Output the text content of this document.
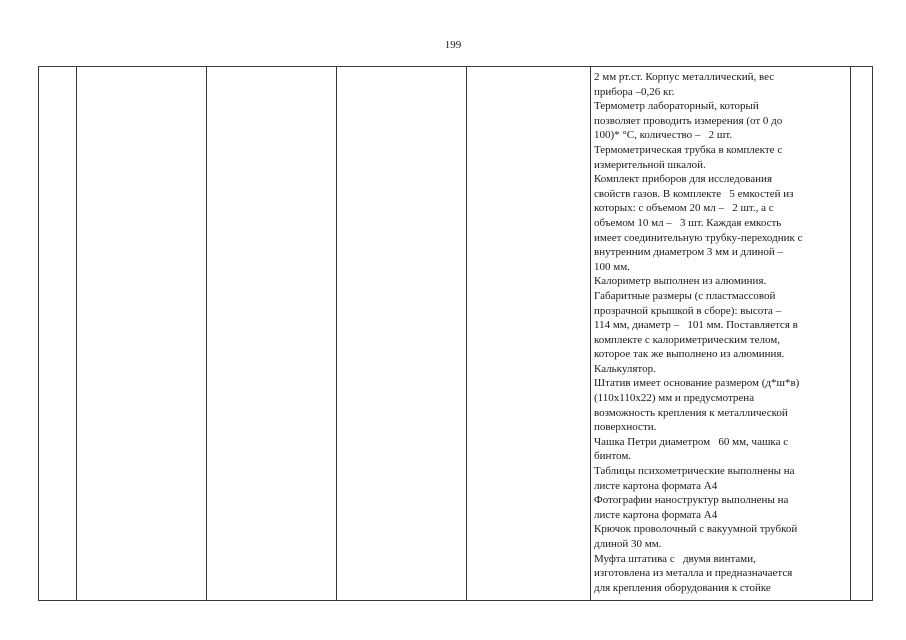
199

2 мм рт.ст. Корпус металлический, вес
прибора –0,26 кг.
Термометр лабораторный, который
позволяет проводить измерения (от 0 до
100)* °С, количество –   2 шт.
Термометрическая трубка в комплекте с
измерительной шкалой.
Комплект приборов для исследования
свойств газов. В комплекте   5 емкостей из
которых: с объемом 20 мл –   2 шт., а с
объемом 10 мл –   3 шт. Каждая емкость
имеет соединительную трубку-переходник с
внутренним диаметром 3 мм и длиной –
100 мм.
Калориметр выполнен из алюминия.
Габаритные размеры (с пластмассовой
прозрачной крышкой в сборе): высота –
114 мм, диаметр –   101 мм. Поставляется в
комплекте с калориметрическим телом,
которое так же выполнено из алюминия.
Калькулятор.
Штатив имеет основание размером (д*ш*в)
(110х110х22) мм и предусмотрена
возможность крепления к металлической
поверхности.
Чашка Петри диаметром   60 мм, чашка с
бинтом.
Таблицы психометрические выполнены на
листе картона формата А4
Фотографии наноструктур выполнены на
листе картона формата А4
Крючок проволочный с вакуумной трубкой
длиной 30 мм.
Муфта штатива с   двумя винтами,
изготовлена из металла и предназначается
для крепления оборудования к стойке
